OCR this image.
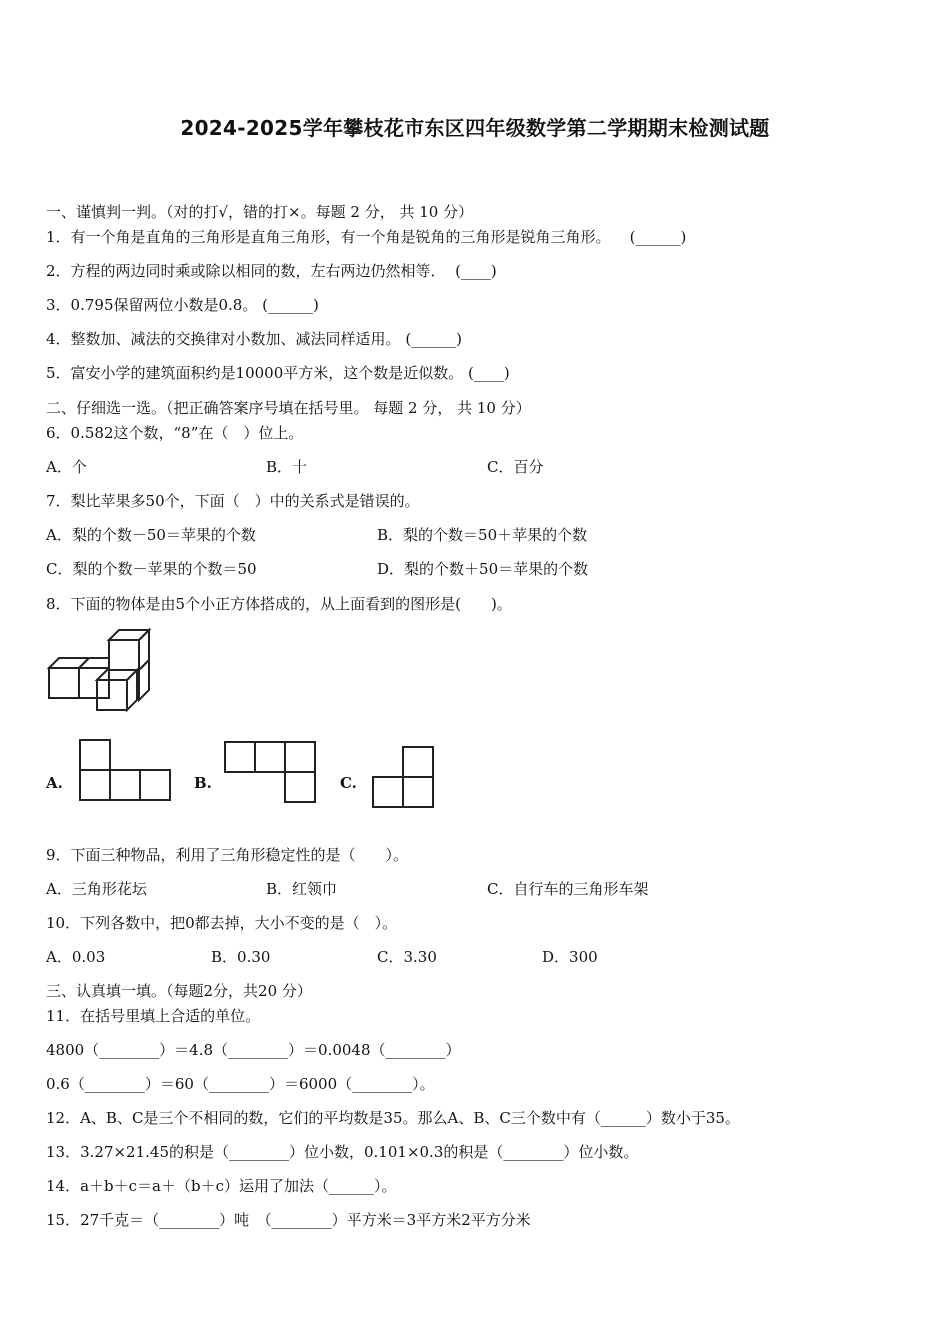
2024-2025学年攀枝花市东区四年级数学第二学期期末检测试题
一、谨慎判一判。（对的打√，错的打×。每题 2 分， 共 10 分）
1．有一个角是直角的三角形是直角三角形，有一个角是锐角的三角形是锐角三角形。    (______)
2．方程的两边同时乘或除以相同的数，左右两边仍然相等．  (____)
3．0.795保留两位小数是0.8。 (______)
4．整数加、减法的交换律对小数加、减法同样适用。 (______)
5．富安小学的建筑面积约是10000平方米，这个数是近似数。 (____)
二、仔细选一选。（把正确答案序号填在括号里。 每题 2 分， 共 10 分）
6．0.582这个数，“8”在（　）位上。
A．个	B．十	C．百分
7．梨比苹果多50个，下面（　）中的关系式是错误的。
A．梨的个数－50＝苹果的个数	B．梨的个数＝50＋苹果的个数
C．梨的个数－苹果的个数＝50	D．梨的个数＋50＝苹果的个数
8．下面的物体是由5个小正方体搭成的，从上面看到的图形是(　　)。
A.	B.	C.
9．下面三种物品，利用了三角形稳定性的是（　　）。
A．三角形花坛	B．红领巾	C．自行车的三角形车架
10．下列各数中，把0都去掉，大小不变的是（　）。
A．0.03	B．0.30	C．3.30	D．300
三、认真填一填。（每题2分，共20 分）
11．在括号里填上合适的单位。
4800（________）＝4.8（________）＝0.0048（________）
0.6（________）＝60（________）＝6000（________）。
12．A、B、C是三个不相同的数，它们的平均数是35。那么A、B、C三个数中有（______）数小于35。
13．3.27×21.45的积是（________）位小数，0.101×0.3的积是（________）位小数。
14．a＋b＋c＝a＋（b＋c）运用了加法（______）。
15．27千克＝（________）吨　（________）平方米＝3平方米2平方分米
